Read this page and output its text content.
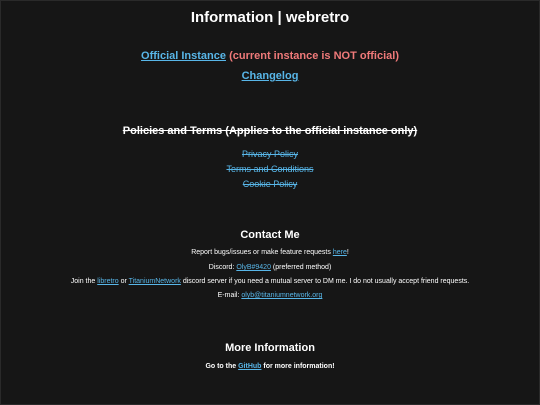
Information | webretro
Official Instance (current instance is NOT official)
Changelog
Policies and Terms (Applies to the official instance only)
Privacy Policy
Terms and Conditions
Cookie Policy
Contact Me
Report bugs/issues or make feature requests here!
Discord: OlyB#9420 (preferred method)
Join the libretro or TitaniumNetwork discord server if you need a mutual server to DM me. I do not usually accept friend requests.
E-mail: olyb@titaniumnetwork.org
More Information
Go to the GitHub for more information!
